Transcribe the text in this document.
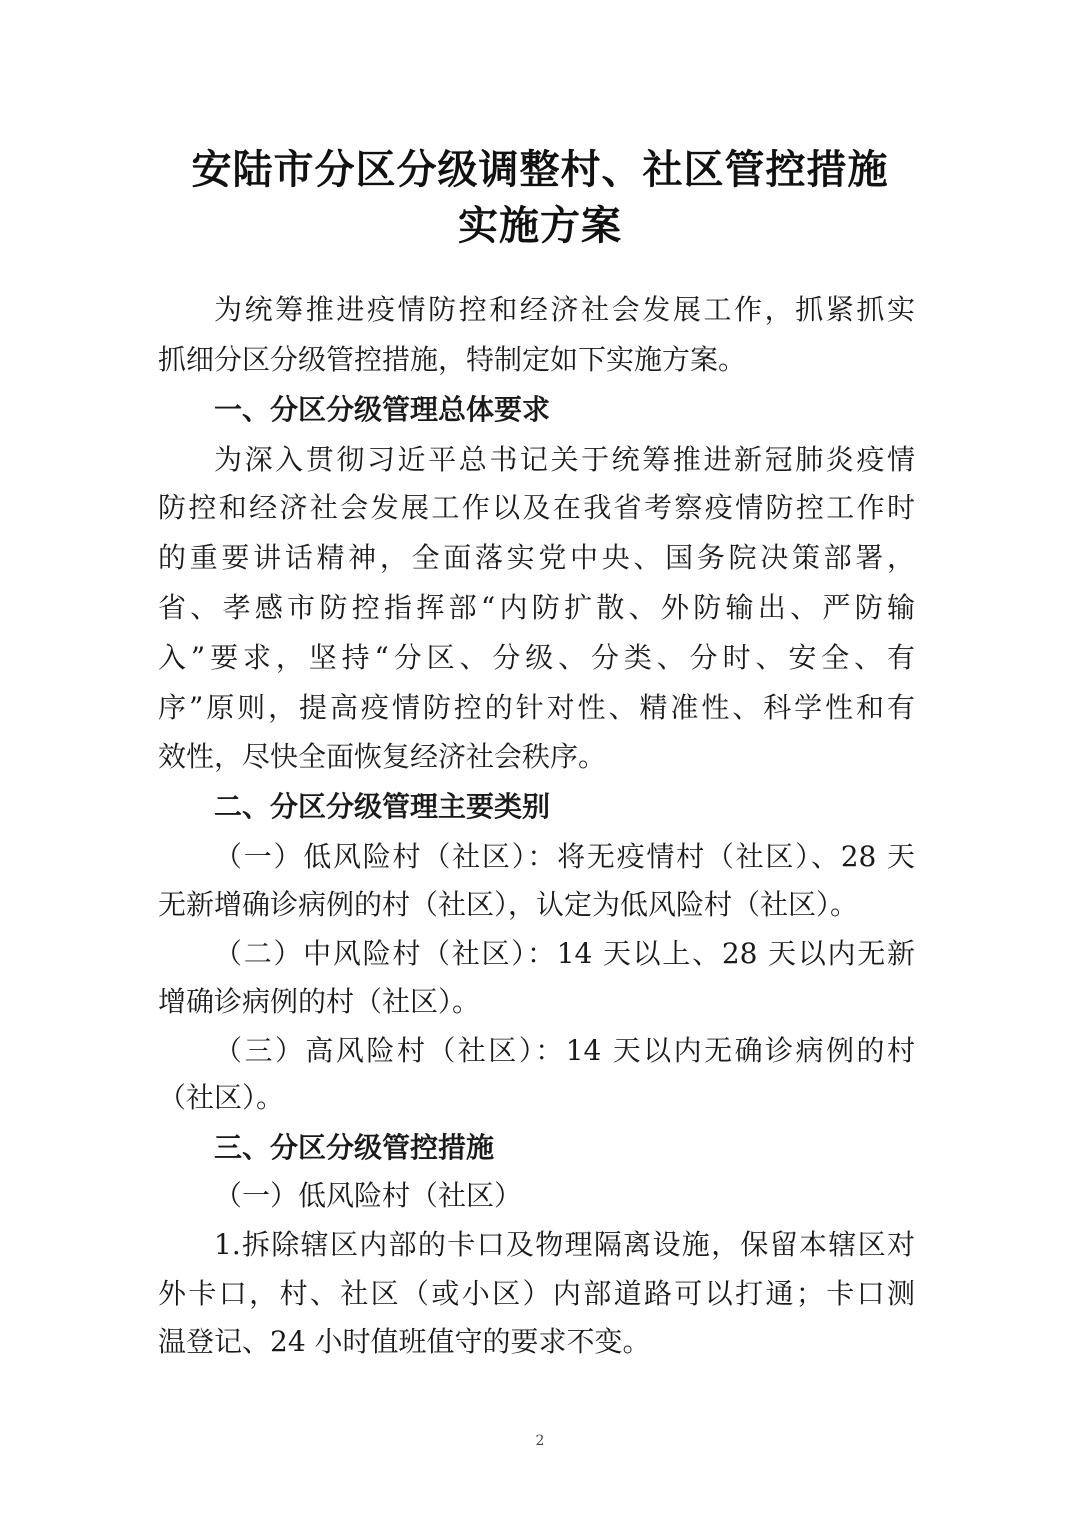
安陆市分区分级调整村、社区管控措施
实施方案
为统筹推进疫情防控和经济社会发展工作，抓紧抓实
抓细分区分级管控措施，特制定如下实施方案。
一、分区分级管理总体要求
为深入贯彻习近平总书记关于统筹推进新冠肺炎疫情
防控和经济社会发展工作以及在我省考察疫情防控工作时
的重要讲话精神，全面落实党中央、国务院决策部署，
省、孝感市防控指挥部“内防扩散、外防输出、严防输
入”要求，坚持“分区、分级、分类、分时、安全、有
序”原则，提高疫情防控的针对性、精准性、科学性和有
效性，尽快全面恢复经济社会秩序。
二、分区分级管理主要类别
（一）低风险村（社区）：将无疫情村（社区）、28 天
无新增确诊病例的村（社区），认定为低风险村（社区）。
（二）中风险村（社区）：14 天以上、28 天以内无新
增确诊病例的村（社区）。
（三）高风险村（社区）：14 天以内无确诊病例的村
（社区）。
三、分区分级管控措施
（一）低风险村（社区）
1.拆除辖区内部的卡口及物理隔离设施，保留本辖区对
外卡口，村、社区（或小区）内部道路可以打通；卡口测
温登记、24 小时值班值守的要求不变。
2
